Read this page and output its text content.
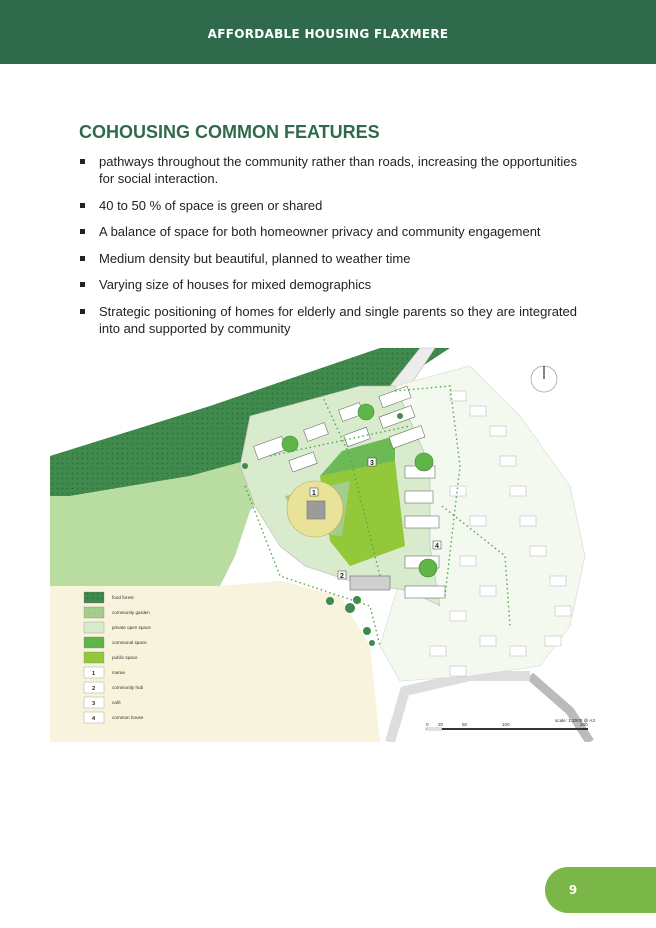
AFFORDABLE HOUSING FLAXMERE
COHOUSING COMMON FEATURES
pathways throughout the community rather than roads, increasing the opportunities for social interaction.
40 to 50 % of space is green or shared
A balance of space for both homeowner privacy and community engagement
Medium density but beautiful, planned to weather time
Varying size of houses for mixed demographics
Strategic positioning of homes for elderly and single parents so they are integrated into and supported by community
1
2
3
4
food forest
community garden
private open space
communal space
public space
1	marae
2	community hub
3	café
4	common house
scale: 1:2000 @ A3
0 20	50	100	200
9
